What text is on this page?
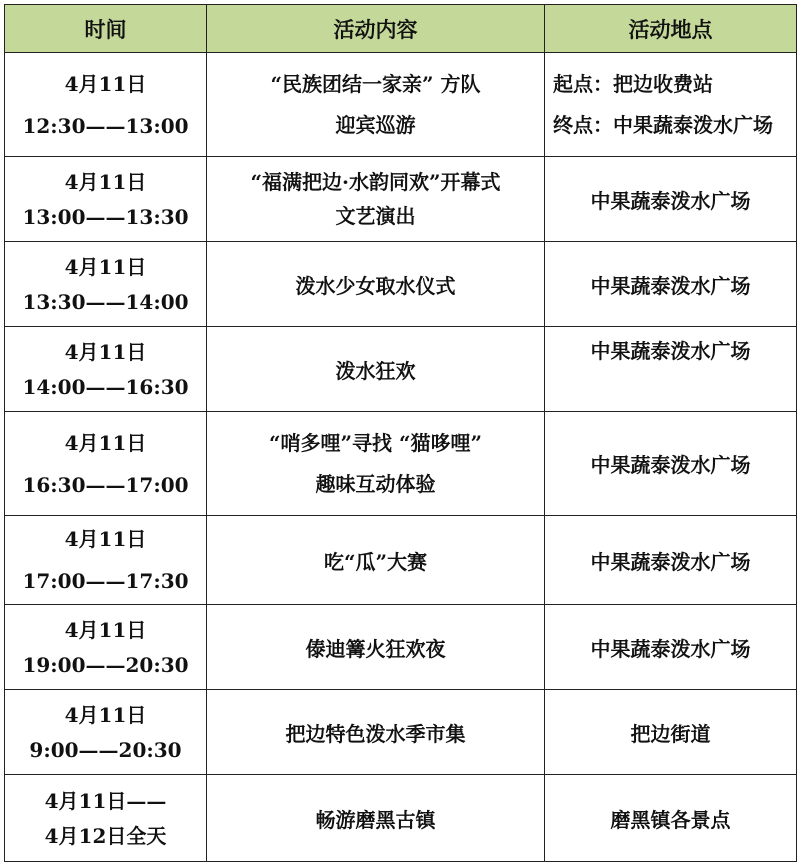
时间	活动内容	活动地点

4月11日
12:30——13:00	“民族团结一家亲” 方队
迎宾巡游	起点：把边收费站
终点：中果蔬泰泼水广场

4月11日
13:00——13:30	“福满把边·水韵同欢”开幕式
文艺演出	中果蔬泰泼水广场

4月11日
13:30——14:00	泼水少女取水仪式	中果蔬泰泼水广场

4月11日
14:00——16:30	泼水狂欢	中果蔬泰泼水广场

4月11日
16:30——17:00	“哨多哩”寻找 “猫哆哩”
趣味互动体验	中果蔬泰泼水广场

4月11日
17:00——17:30	吃“瓜”大赛	中果蔬泰泼水广场

4月11日
19:00——20:30	傣迪篝火狂欢夜	中果蔬泰泼水广场

4月11日
9:00——20:30	把边特色泼水季市集	把边街道

4月11日——
4月12日全天	畅游磨黑古镇	磨黑镇各景点
